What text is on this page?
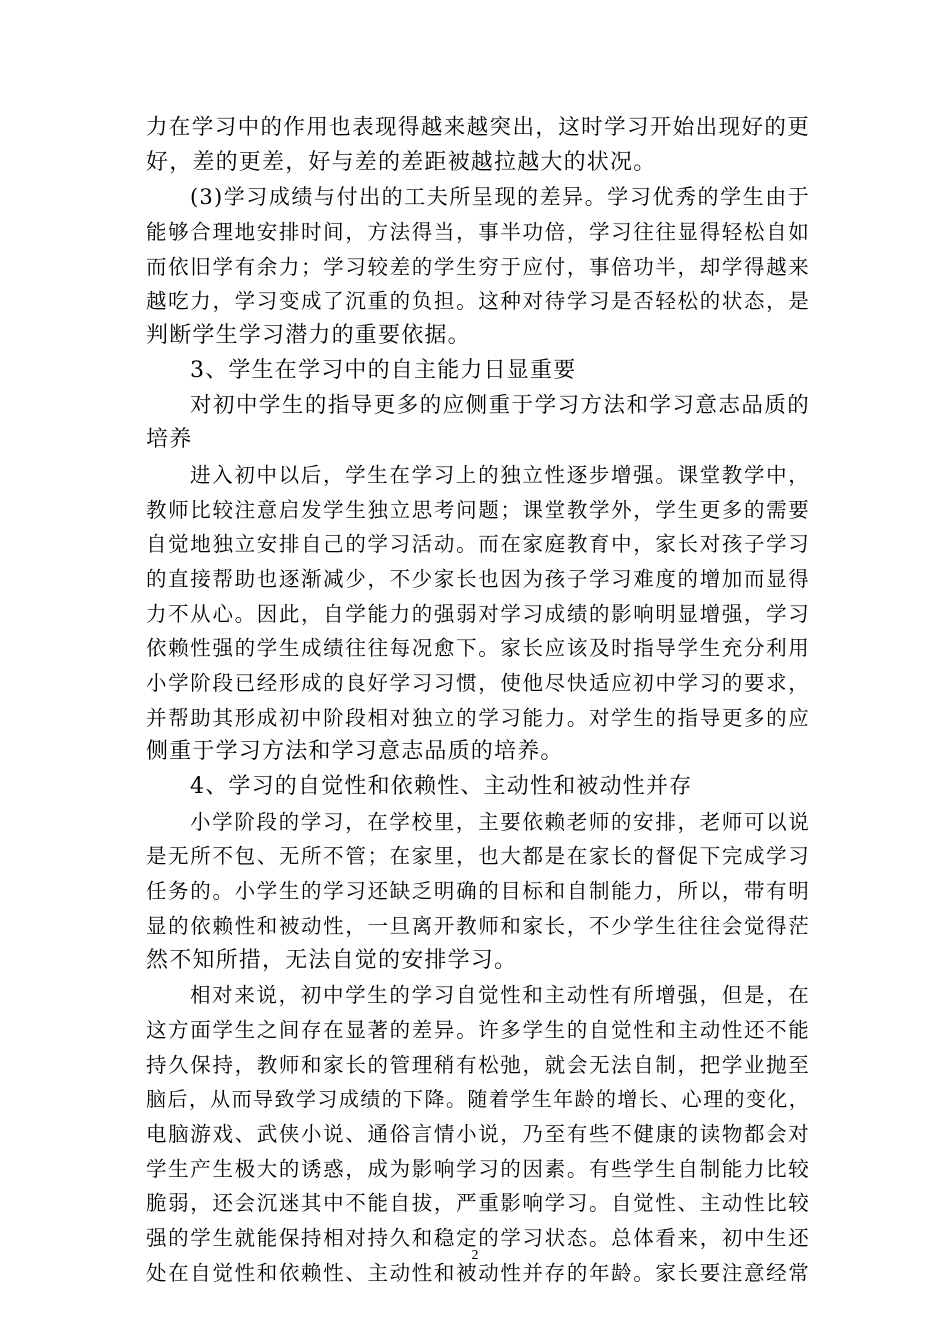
力在学习中的作用也表现得越来越突出，这时学习开始出现好的更
好，差的更差，好与差的差距被越拉越大的状况。
(3)学习成绩与付出的工夫所呈现的差异。学习优秀的学生由于
能够合理地安排时间，方法得当，事半功倍，学习往往显得轻松自如
而依旧学有余力；学习较差的学生穷于应付，事倍功半，却学得越来
越吃力，学习变成了沉重的负担。这种对待学习是否轻松的状态，是
判断学生学习潜力的重要依据。
3、学生在学习中的自主能力日显重要
对初中学生的指导更多的应侧重于学习方法和学习意志品质的
培养
进入初中以后，学生在学习上的独立性逐步增强。课堂教学中，
教师比较注意启发学生独立思考问题；课堂教学外，学生更多的需要
自觉地独立安排自己的学习活动。而在家庭教育中，家长对孩子学习
的直接帮助也逐渐减少，不少家长也因为孩子学习难度的增加而显得
力不从心。因此，自学能力的强弱对学习成绩的影响明显增强，学习
依赖性强的学生成绩往往每况愈下。家长应该及时指导学生充分利用
小学阶段已经形成的良好学习习惯，使他尽快适应初中学习的要求，
并帮助其形成初中阶段相对独立的学习能力。对学生的指导更多的应
侧重于学习方法和学习意志品质的培养。
4、学习的自觉性和依赖性、主动性和被动性并存
小学阶段的学习，在学校里，主要依赖老师的安排，老师可以说
是无所不包、无所不管；在家里，也大都是在家长的督促下完成学习
任务的。小学生的学习还缺乏明确的目标和自制能力，所以，带有明
显的依赖性和被动性，一旦离开教师和家长，不少学生往往会觉得茫
然不知所措，无法自觉的安排学习。
相对来说，初中学生的学习自觉性和主动性有所增强，但是，在
这方面学生之间存在显著的差异。许多学生的自觉性和主动性还不能
持久保持，教师和家长的管理稍有松弛，就会无法自制，把学业抛至
脑后，从而导致学习成绩的下降。随着学生年龄的增长、心理的变化，
电脑游戏、武侠小说、通俗言情小说，乃至有些不健康的读物都会对
学生产生极大的诱惑，成为影响学习的因素。有些学生自制能力比较
脆弱，还会沉迷其中不能自拔，严重影响学习。自觉性、主动性比较
强的学生就能保持相对持久和稳定的学习状态。总体看来，初中生还
处在自觉性和依赖性、主动性和被动性并存的年龄。家长要注意经常
2
